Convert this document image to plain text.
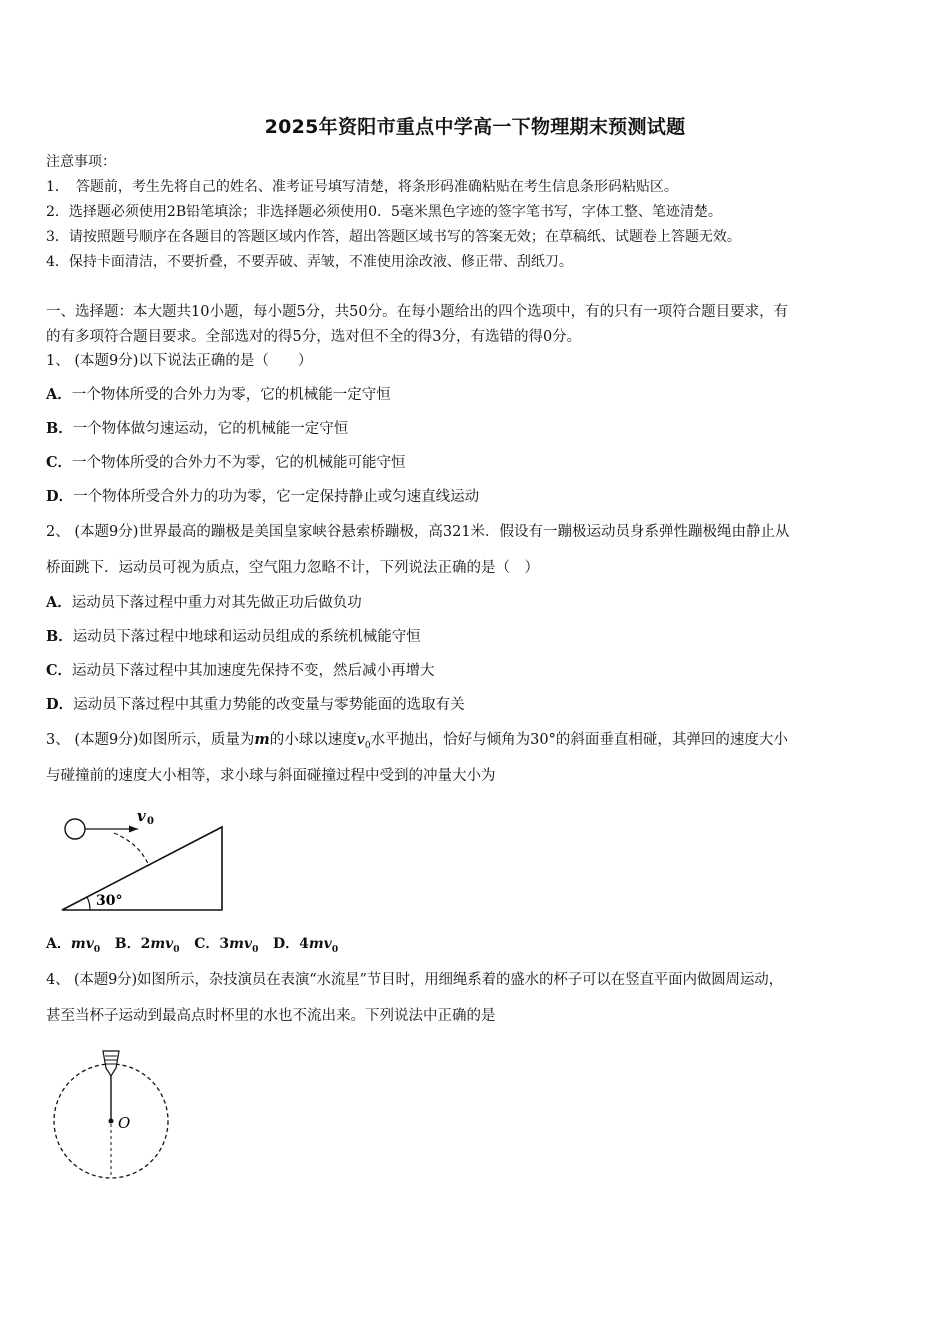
2025年资阳市重点中学高一下物理期末预测试题
注意事项：
1．　答题前，考生先将自己的姓名、准考证号填写清楚，将条形码准确粘贴在考生信息条形码粘贴区。
2．选择题必须使用2B铅笔填涂；非选择题必须使用0．5毫米黑色字迹的签字笔书写，字体工整、笔迹清楚。
3．请按照题号顺序在各题目的答题区域内作答，超出答题区域书写的答案无效；在草稿纸、试题卷上答题无效。
4．保持卡面清洁，不要折叠，不要弄破、弄皱，不准使用涂改液、修正带、刮纸刀。
一、选择题：本大题共10小题，每小题5分，共50分。在每小题给出的四个选项中，有的只有一项符合题目要求，有
的有多项符合题目要求。全部选对的得5分，选对但不全的得3分，有选错的得0分。
1、 (本题9分)以下说法正确的是（　　）
A．一个物体所受的合外力为零，它的机械能一定守恒
B．一个物体做匀速运动，它的机械能一定守恒
C．一个物体所受的合外力不为零，它的机械能可能守恒
D．一个物体所受合外力的功为零，它一定保持静止或匀速直线运动
2、 (本题9分)世界最高的蹦极是美国皇家峡谷悬索桥蹦极，高321米．假设有一蹦极运动员身系弹性蹦极绳由静止从
桥面跳下．运动员可视为质点，空气阻力忽略不计，下列说法正确的是（　）
A．运动员下落过程中重力对其先做正功后做负功
B．运动员下落过程中地球和运动员组成的系统机械能守恒
C．运动员下落过程中其加速度先保持不变，然后减小再增大
D．运动员下落过程中其重力势能的改变量与零势能面的选取有关
3、 (本题9分)如图所示，质量为m的小球以速度$v_0$水平抛出，恰好与倾角为30°的斜面垂直相碰，其弹回的速度大小
与碰撞前的速度大小相等，求小球与斜面碰撞过程中受到的冲量大小为
v 0
30°
A．$mv_0$ B．$2mv_0$ C．$3mv_0$ D．$4mv_0$
4、 (本题9分)如图所示，杂技演员在表演“水流星”节目时，用细绳系着的盛水的杯子可以在竖直平面内做圆周运动，
甚至当杯子运动到最高点时杯里的水也不流出来。下列说法中正确的是
O
